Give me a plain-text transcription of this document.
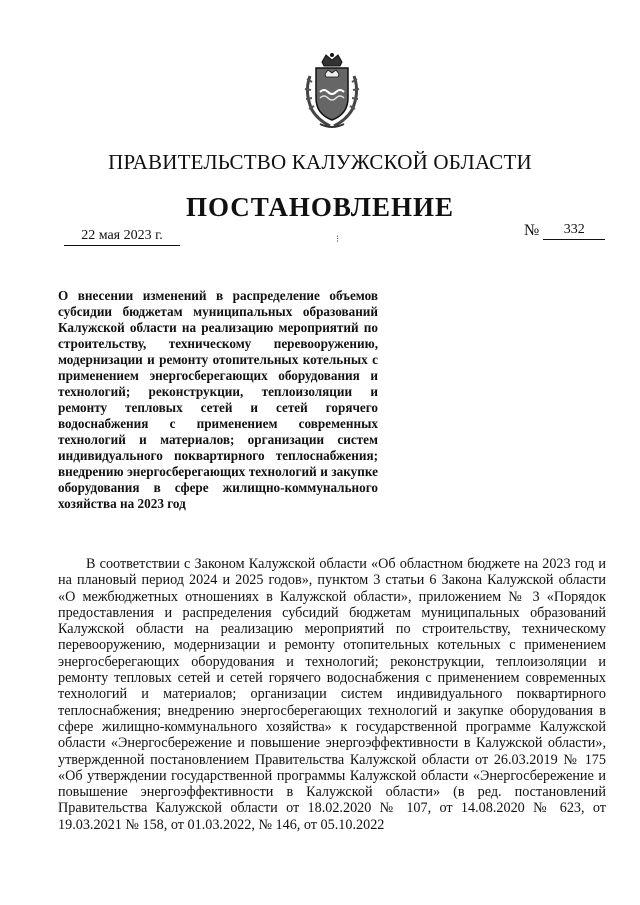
ПРАВИТЕЛЬСТВО КАЛУЖСКОЙ ОБЛАСТИ
ПОСТАНОВЛЕНИЕ
22 мая 2023 г.	⁝
№ 332
О внесении изменений в распределение объемов субсидии бюджетам муниципальных образований Калужской области на реализацию мероприятий по строительству, техническому перевооружению, модернизации и ремонту отопительных котельных с применением энергосберегающих оборудования и технологий; реконструкции, теплоизоляции и ремонту тепловых сетей и сетей горячего водоснабжения с применением современных технологий и материалов; организации систем индивидуального поквартирного теплоснабжения; внедрению энергосберегающих технологий и закупке оборудования в сфере жилищно-коммунального хозяйства на 2023 год

В соответствии с Законом Калужской области «Об областном бюджете на 2023 год и на плановый период 2024 и 2025 годов», пунктом 3 статьи 6 Закона Калужской области «О межбюджетных отношениях в Калужской области», приложением № 3 «Порядок предоставления и распределения субсидий бюджетам муниципальных образований Калужской области на реализацию мероприятий по строительству, техническому перевооружению, модернизации и ремонту отопительных котельных с применением энергосберегающих оборудования и технологий; реконструкции, теплоизоляции и ремонту тепловых сетей и сетей горячего водоснабжения с применением современных технологий и материалов; организации систем индивидуального поквартирного теплоснабжения; внедрению энергосберегающих технологий и закупке оборудования в сфере жилищно-коммунального хозяйства» к государственной программе Калужской области «Энергосбережение и повышение энергоэффективности в Калужской области», утвержденной постановлением Правительства Калужской области от 26.03.2019 № 175 «Об утверждении государственной программы Калужской области «Энергосбережение и повышение энергоэффективности в Калужской области» (в ред. постановлений Правительства Калужской области от 18.02.2020 № 107, от 14.08.2020 № 623, от 19.03.2021 № 158, от 01.03.2022, № 146, от 05.10.2022
